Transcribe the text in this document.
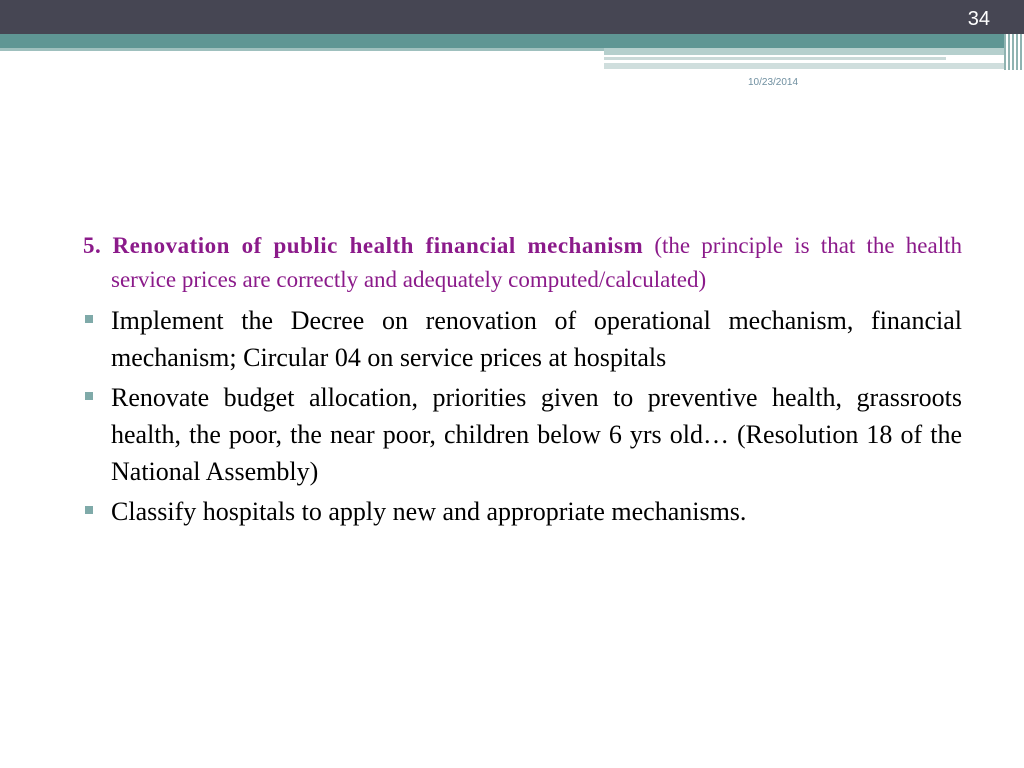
34
10/23/2014

5. Renovation of public health financial mechanism (the principle is that the health service prices are correctly and adequately computed/calculated)

Implement the Decree on renovation of operational mechanism, financial mechanism; Circular 04 on service prices at hospitals
Renovate budget allocation, priorities given to preventive health, grassroots health, the poor, the near poor, children below 6 yrs old… (Resolution 18 of the National Assembly)
Classify hospitals to apply new and appropriate mechanisms.
